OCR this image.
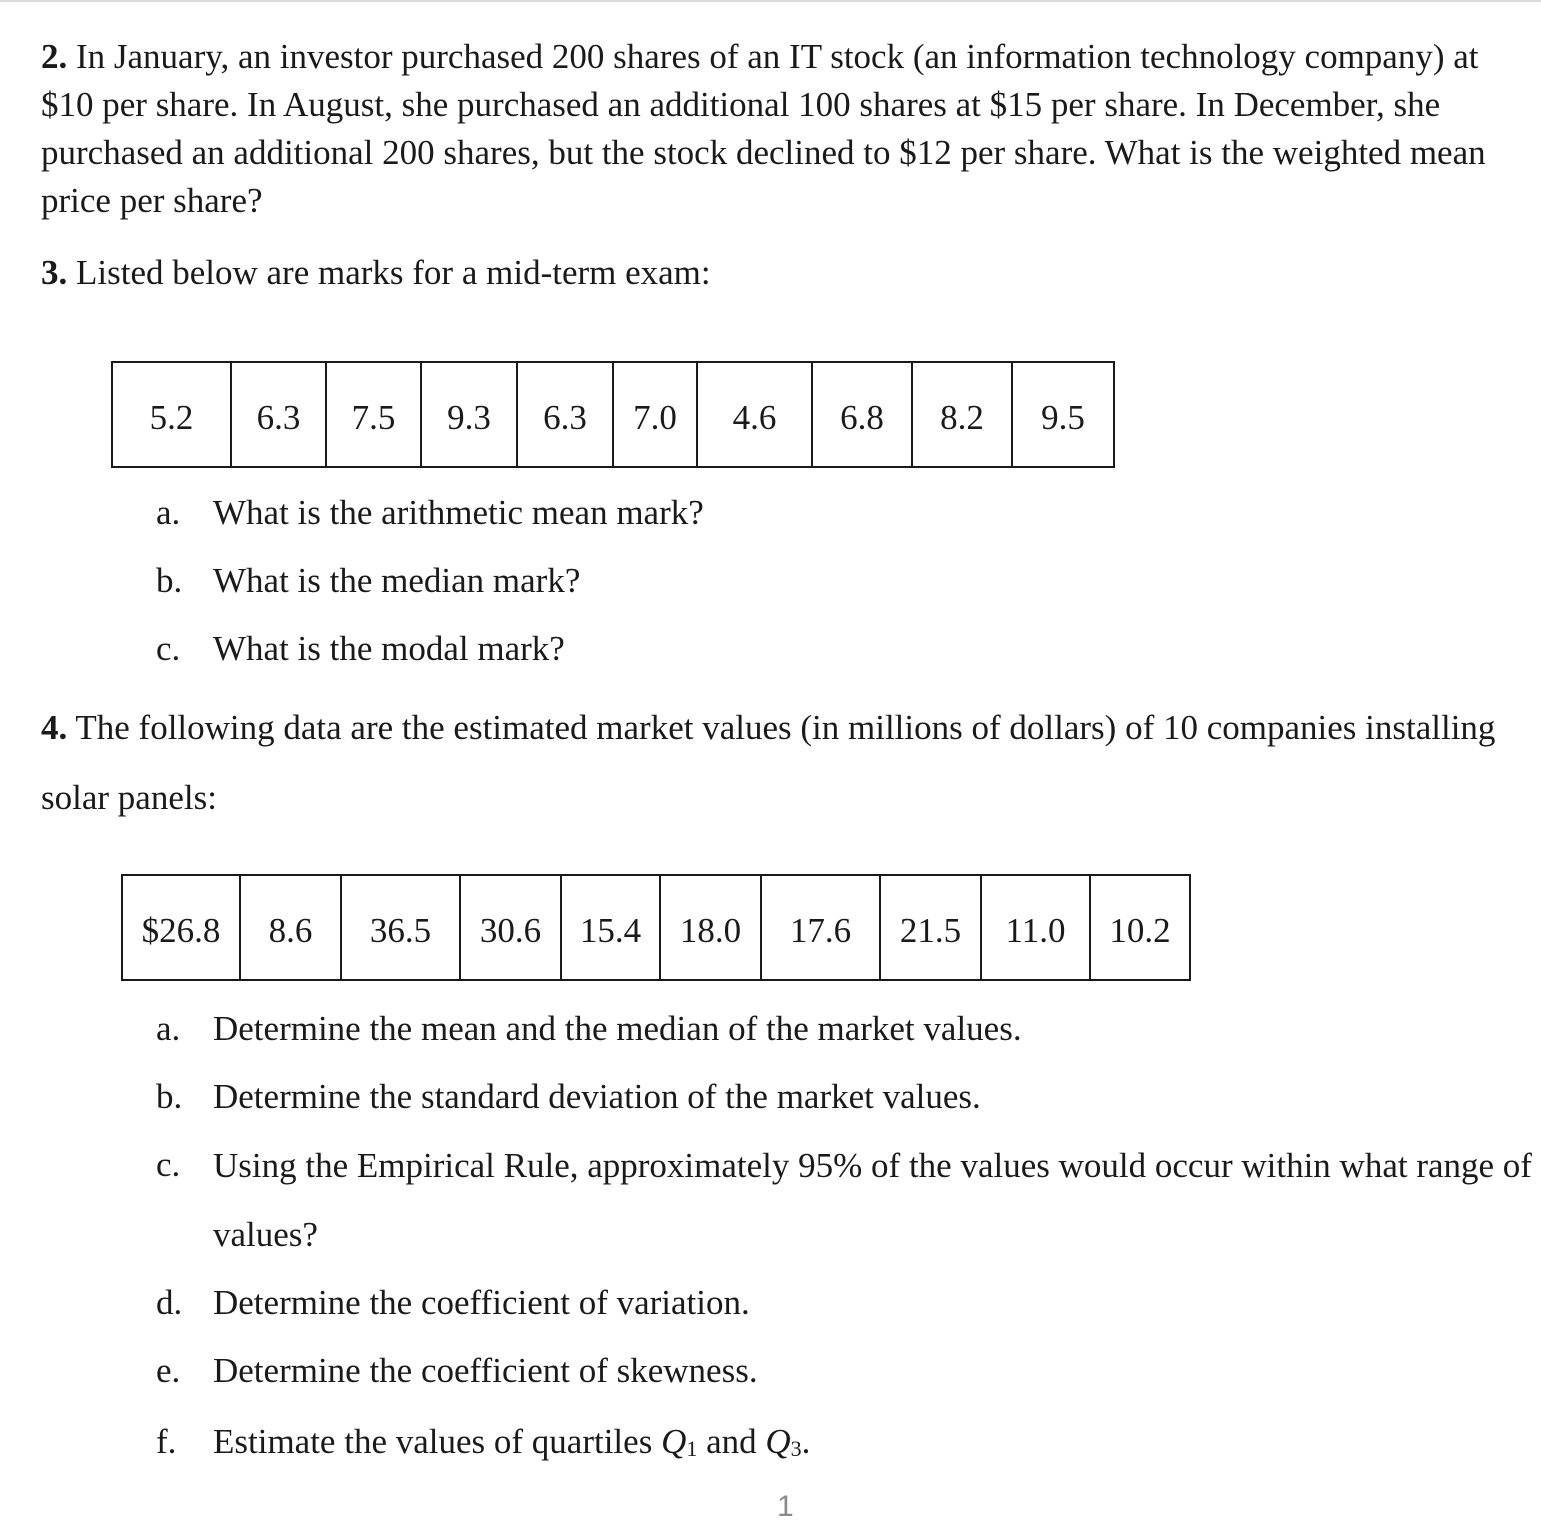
2. In January, an investor purchased 200 shares of an IT stock (an information technology company) at $10 per share. In August, she purchased an additional 100 shares at $15 per share. In December, she purchased an additional 200 shares, but the stock declined to $12 per share. What is the weighted mean price per share?

3. Listed below are marks for a mid-term exam:

5.2	6.3	7.5	9.3	6.3	7.0	4.6	6.8	8.2	9.5
a. What is the arithmetic mean mark?
b. What is the median mark?
c. What is the modal mark?

4. The following data are the estimated market values (in millions of dollars) of 10 companies installing solar panels:

$26.8	8.6	36.5	30.6	15.4	18.0	17.6	21.5	11.0	10.2
a. Determine the mean and the median of the market values.
b. Determine the standard deviation of the market values.
c. Using the Empirical Rule, approximately 95% of the values would occur within what range of values?
d. Determine the coefficient of variation.
e. Determine the coefficient of skewness.
f. Estimate the values of quartiles $Q_1$ and $Q_3$.
1
